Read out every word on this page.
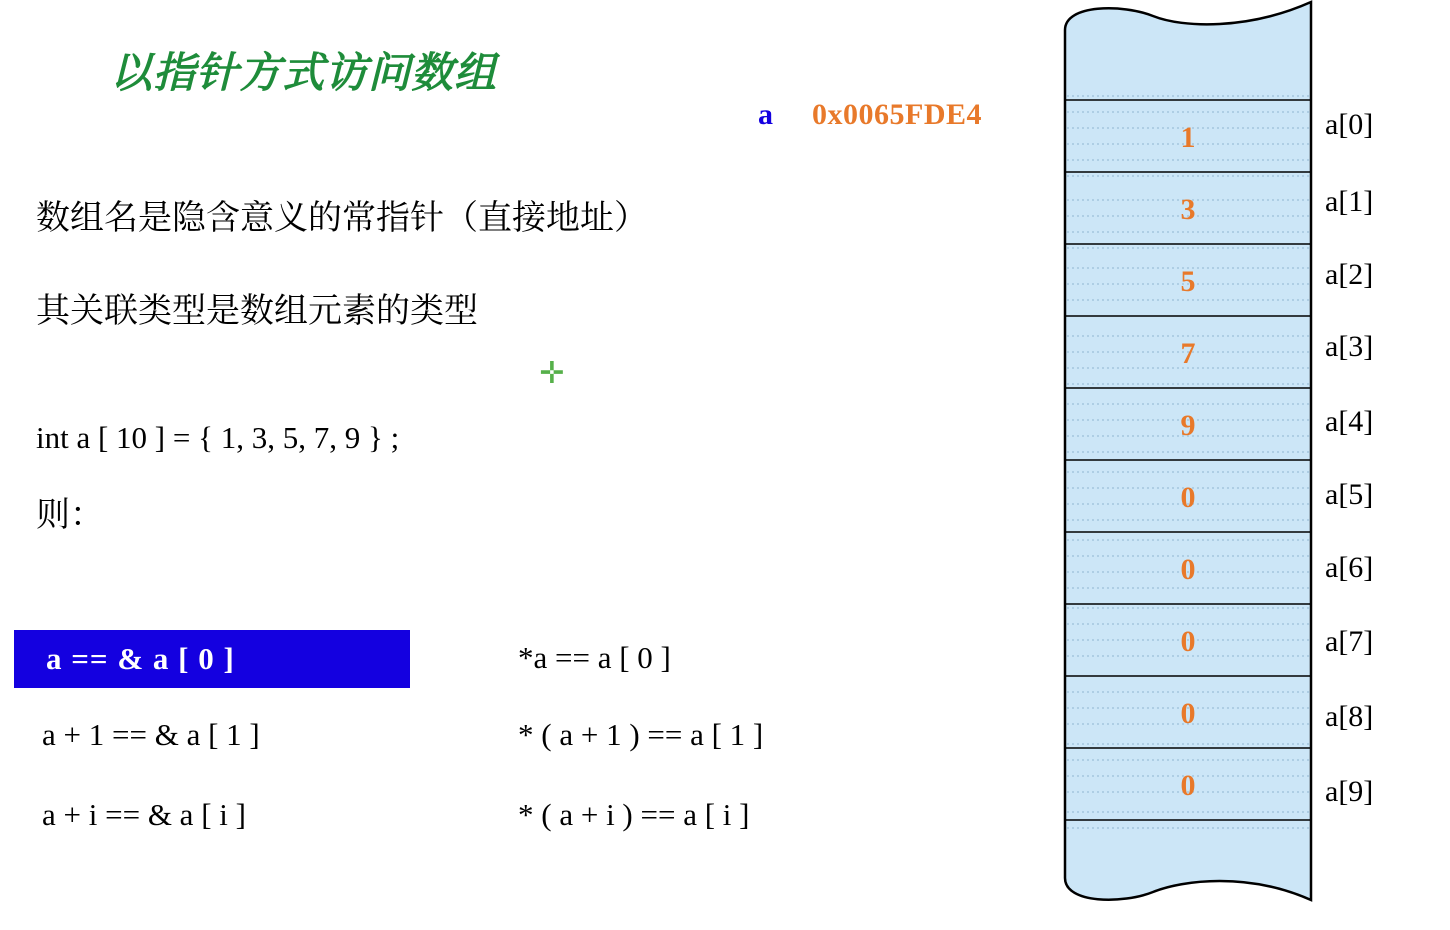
以指针方式访问数组
数组名是隐含意义的常指针（直接地址）
其关联类型是数组元素的类型
✛
int a [ 10 ] = { 1, 3, 5, 7, 9 } ;
则：
a == & a [ 0 ]
a + 1 == & a [ 1 ]
a + i == & a [ i ]
*a == a [ 0 ]
* ( a + 1 ) == a [ 1 ]
* ( a + i ) == a [ i ]
a 0x0065FDE4
1
3
5
7
9
0
0
0
0
0
a[0]
a[1]
a[2]
a[3]
a[4]
a[5]
a[6]
a[7]
a[8]
a[9]
